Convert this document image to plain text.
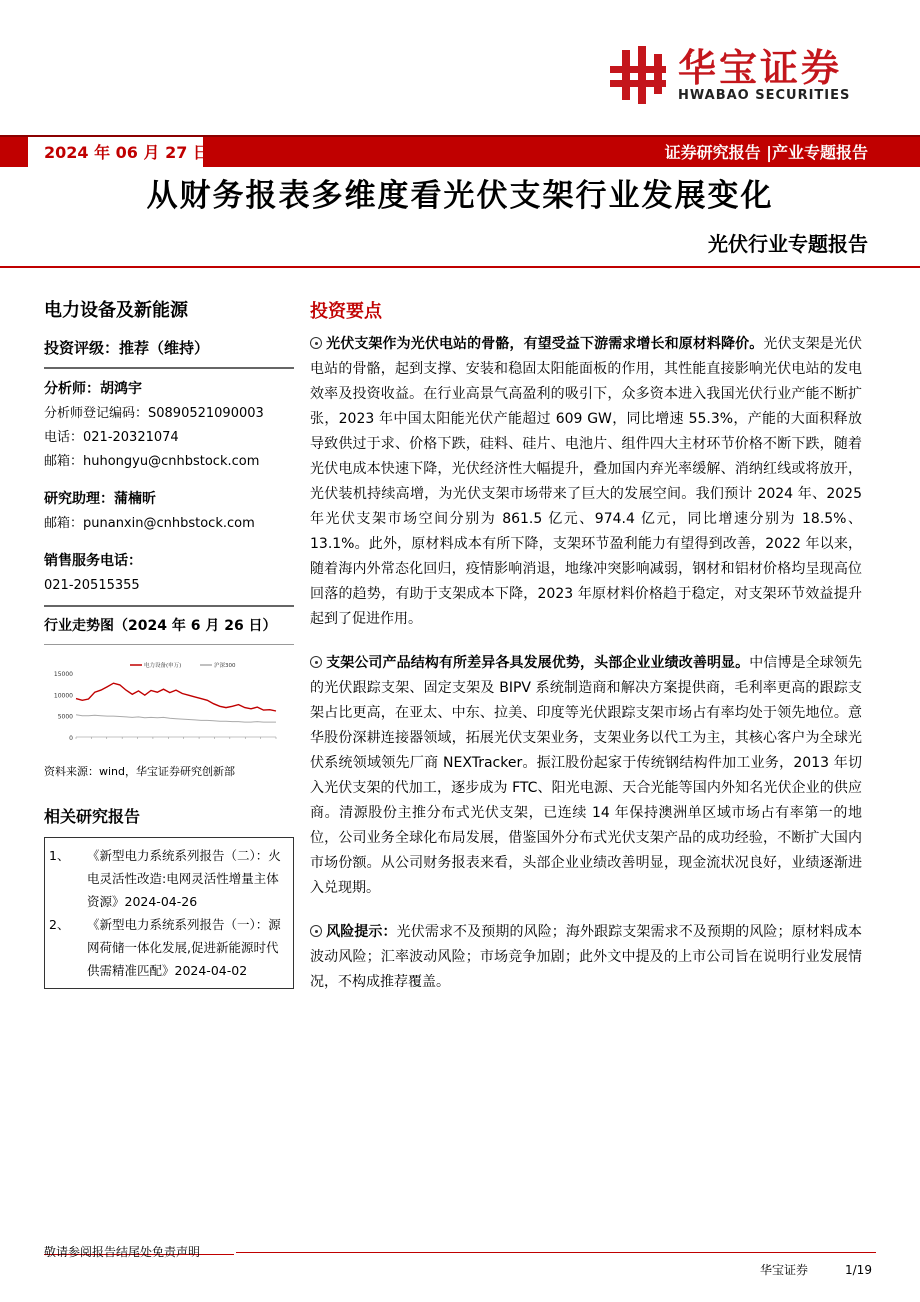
华宝证券
HWABAO SECURITIES
2024 年 06 月 27 日	证券研究报告 |产业专题报告
从财务报表多维度看光伏支架行业发展变化
光伏行业专题报告
电力设备及新能源
投资评级：推荐（维持）
分析师：胡鸿宇
分析师登记编码：S0890521090003
电话：021-20321074
邮箱：huhongyu@cnhbstock.com
研究助理：蒲楠昕
邮箱：punanxin@cnhbstock.com
销售服务电话：
021-20515355
行业走势图（2024 年 6 月 26 日）
15000
10000
5000
0
电力设备(申万)	沪深300
资料来源：wind，华宝证券研究创新部
相关研究报告
1、	《新型电力系统系列报告（二）：火电灵活性改造:电网灵活性增量主体资源》2024-04-26
2、	《新型电力系统系列报告（一）：源网荷储一体化发展,促进新能源时代供需精准匹配》2024-04-02
投资要点
光伏支架作为光伏电站的骨骼，有望受益下游需求增长和原材料降价。光伏支架是光伏电站的骨骼，起到支撑、安装和稳固太阳能面板的作用，其性能直接影响光伏电站的发电效率及投资收益。在行业高景气高盈利的吸引下，众多资本进入我国光伏行业产能不断扩张，2023 年中国太阳能光伏产能超过 609 GW，同比增速 55.3%，产能的大面积释放导致供过于求、价格下跌，硅料、硅片、电池片、组件四大主材环节价格不断下跌，随着光伏电成本快速下降，光伏经济性大幅提升，叠加国内弃光率缓解、消纳红线或将放开，光伏装机持续高增，为光伏支架市场带来了巨大的发展空间。我们预计 2024 年、2025 年光伏支架市场空间分别为 861.5 亿元、974.4 亿元，同比增速分别为 18.5%、13.1%。此外，原材料成本有所下降，支架环节盈利能力有望得到改善，2022 年以来，随着海内外常态化回归，疫情影响消退，地缘冲突影响减弱，钢材和铝材价格均呈现高位回落的趋势，有助于支架成本下降，2023 年原材料价格趋于稳定，对支架环节效益提升起到了促进作用。
支架公司产品结构有所差异各具发展优势，头部企业业绩改善明显。中信博是全球领先的光伏跟踪支架、固定支架及 BIPV 系统制造商和解决方案提供商，毛利率更高的跟踪支架占比更高，在亚太、中东、拉美、印度等光伏跟踪支架市场占有率均处于领先地位。意华股份深耕连接器领域，拓展光伏支架业务，支架业务以代工为主，其核心客户为全球光伏系统领域领先厂商 NEXTracker。振江股份起家于传统钢结构件加工业务，2013 年切入光伏支架的代加工，逐步成为 FTC、阳光电源、天合光能等国内外知名光伏企业的供应商。清源股份主推分布式光伏支架，已连续 14 年保持澳洲单区域市场占有率第一的地位，公司业务全球化布局发展，借鉴国外分布式光伏支架产品的成功经验，不断扩大国内市场份额。从公司财务报表来看，头部企业业绩改善明显，现金流状况良好，业绩逐渐进入兑现期。
风险提示：光伏需求不及预期的风险；海外跟踪支架需求不及预期的风险；原材料成本波动风险；汇率波动风险；市场竞争加剧；此外文中提及的上市公司旨在说明行业发展情况，不构成推荐覆盖。
敬请参阅报告结尾处免责声明
华宝证券	1/19
